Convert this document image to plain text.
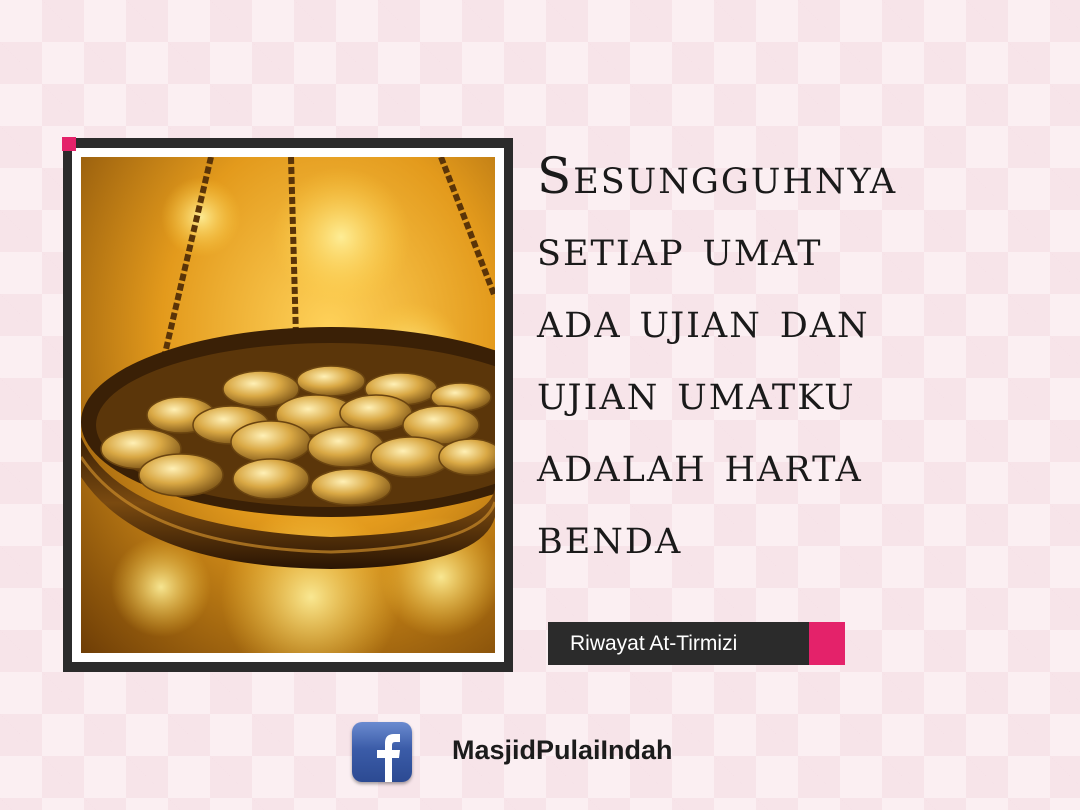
Sesungguhnya
setiap umat
ada ujian dan
ujian umatku
adalah harta
benda
Riwayat At-Tirmizi
MasjidPulaiIndah
